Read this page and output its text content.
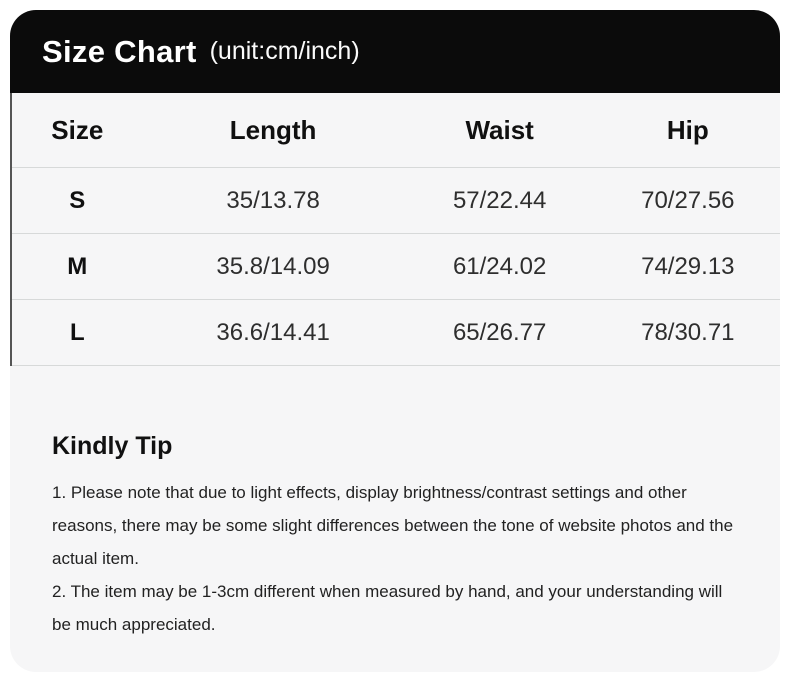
Size Chart (unit:cm/inch)
Size	Length	Waist	Hip
S	35/13.78	57/22.44	70/27.56
M	35.8/14.09	61/24.02	74/29.13
L	36.6/14.41	65/26.77	78/30.71
Kindly Tip

1. Please note that due to light effects, display brightness/contrast settings and other reasons, there may be some slight differences between the tone of website photos and the actual item.

2. The item may be 1-3cm different when measured by hand, and your understanding will be much appreciated.
